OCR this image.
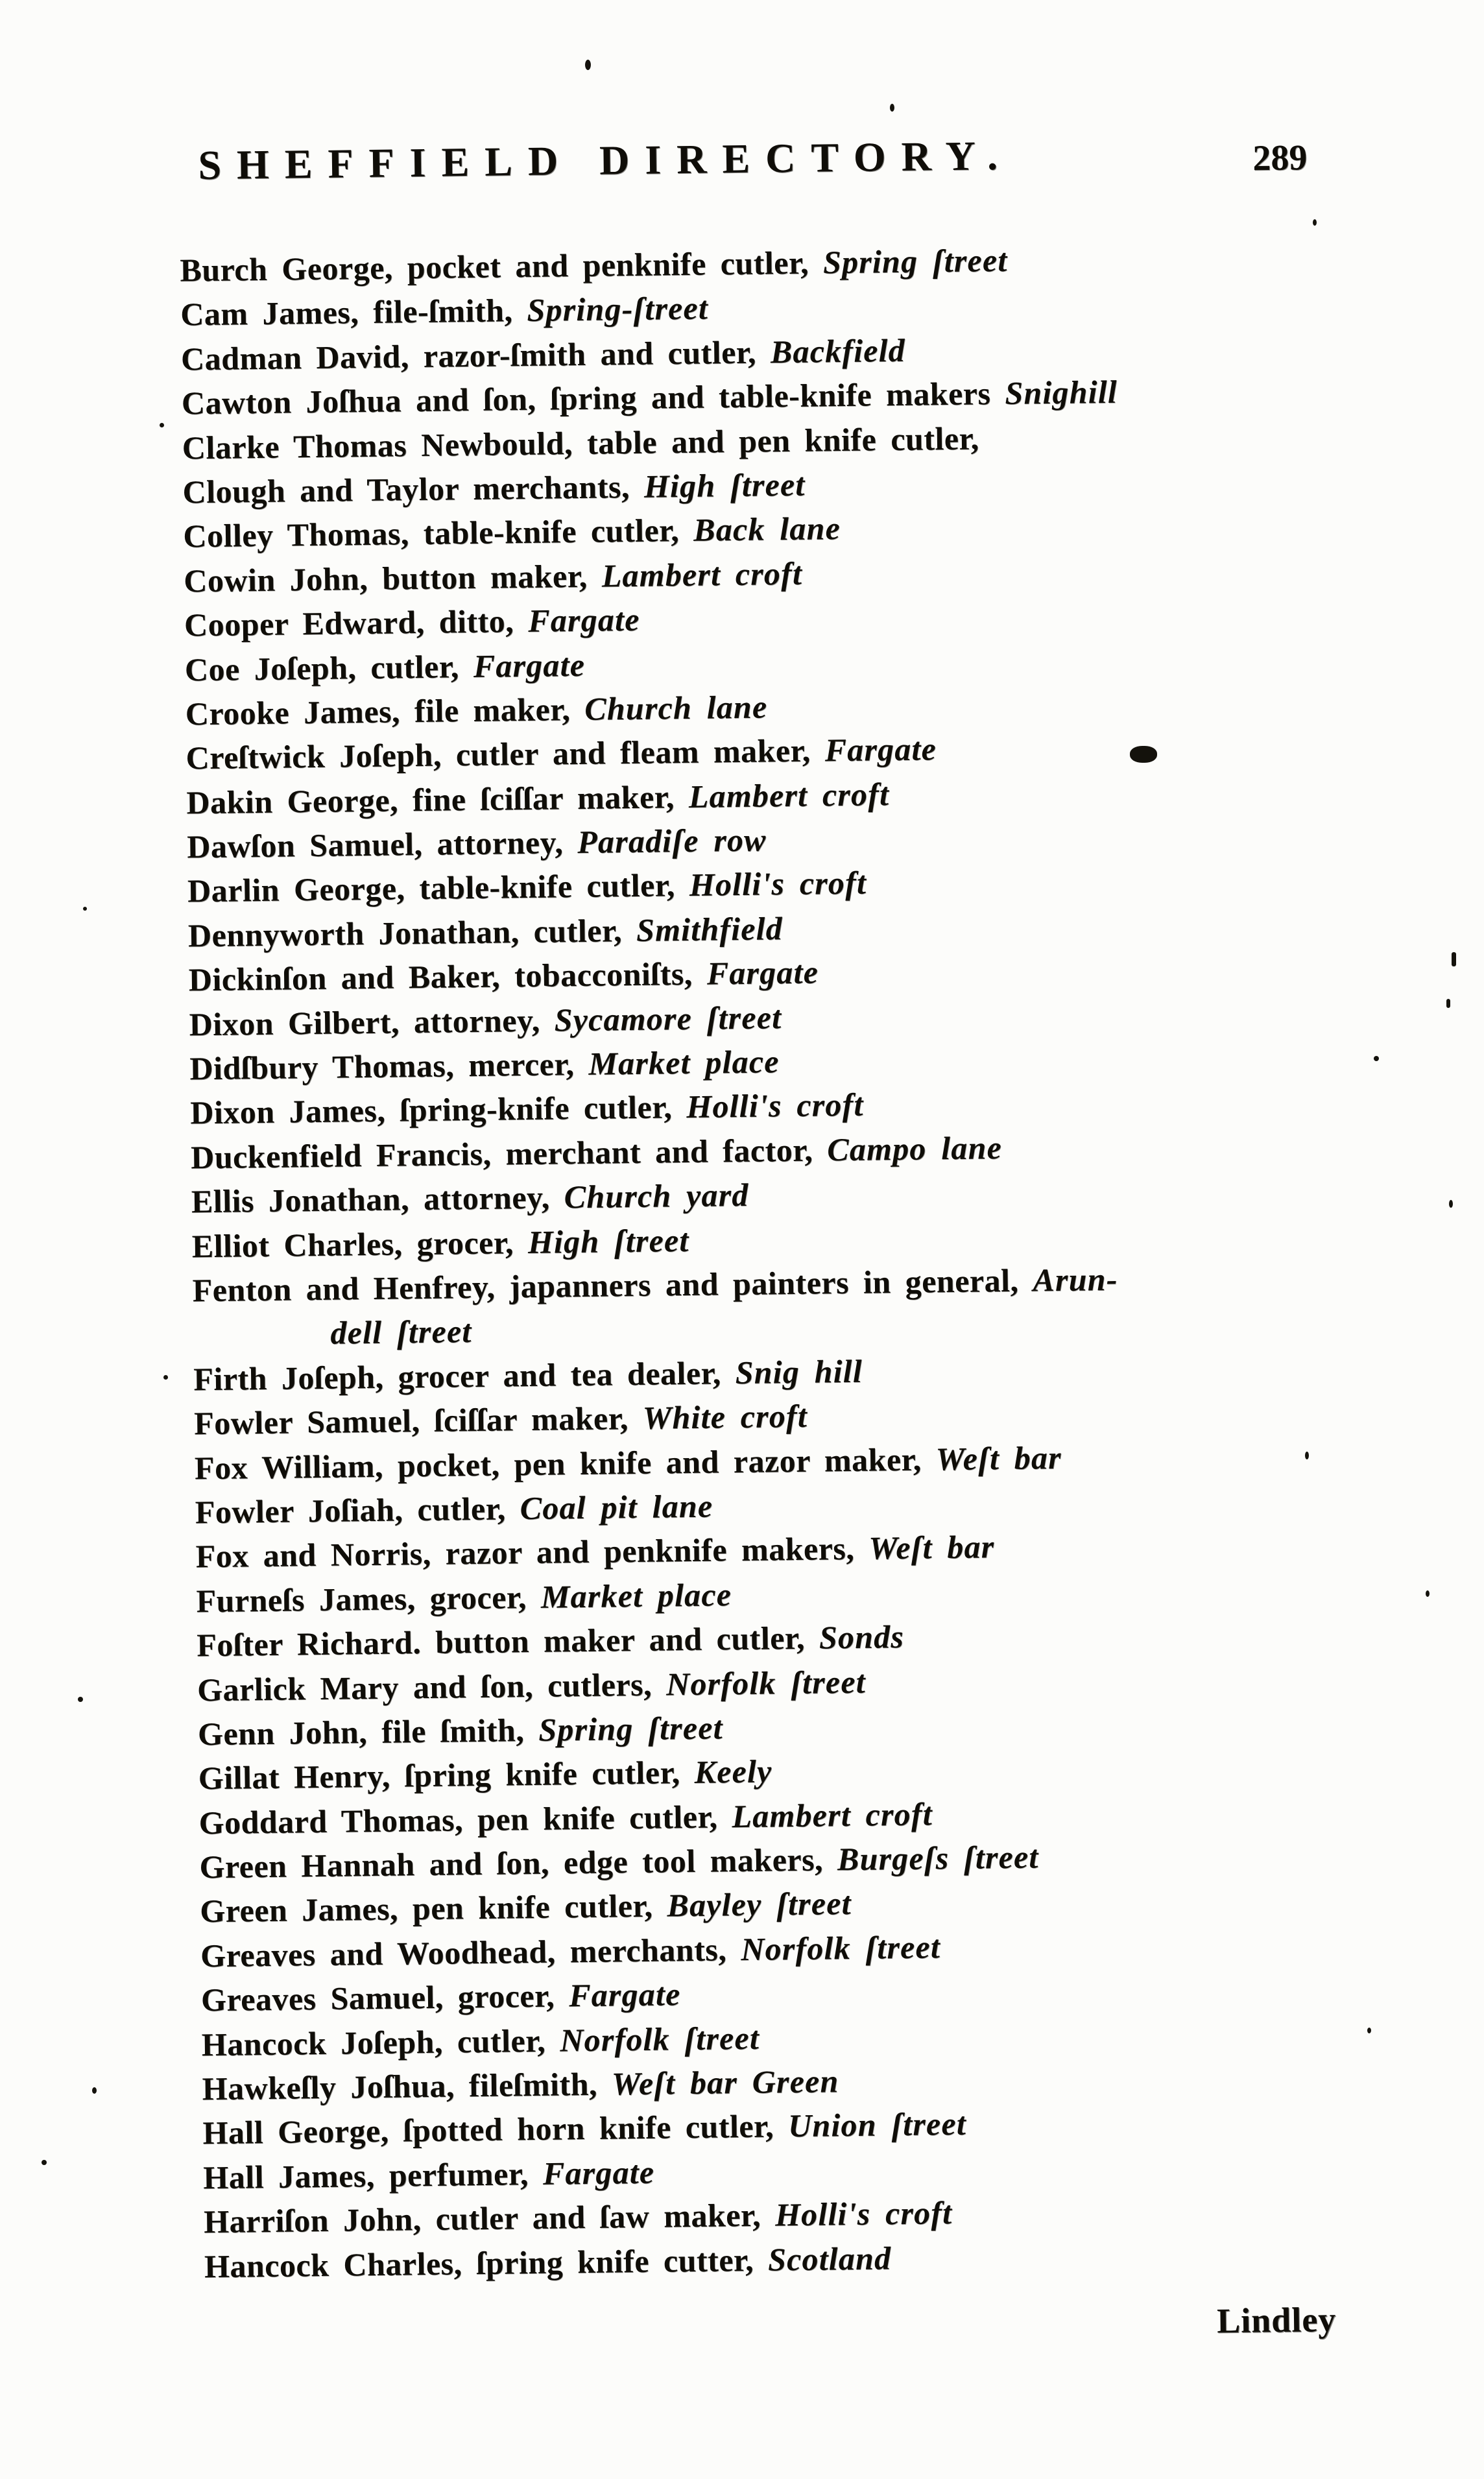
SHEFFIELD DIRECTORY.	289
Burch George, pocket and penknife cutler, Spring ſtreet
Cam James, file-ſmith, Spring-ſtreet
Cadman David, razor-ſmith and cutler, Backfield
Cawton Joſhua and ſon, ſpring and table-knife makers Snighill
Clarke Thomas Newbould, table and pen knife cutler,
Clough and Taylor merchants, High ſtreet
Colley Thomas, table-knife cutler, Back lane
Cowin John, button maker, Lambert croft
Cooper Edward, ditto, Fargate
Coe Joſeph, cutler, Fargate
Crooke James, file maker, Church lane
Creſtwick Joſeph, cutler and fleam maker, Fargate
Dakin George, fine ſciſſar maker, Lambert croft
Dawſon Samuel, attorney, Paradiſe row
Darlin George, table-knife cutler, Holli's croft
Dennyworth Jonathan, cutler, Smithfield
Dickinſon and Baker, tobacconiſts, Fargate
Dixon Gilbert, attorney, Sycamore ſtreet
Didſbury Thomas, mercer, Market place
Dixon James, ſpring-knife cutler, Holli's croft
Duckenfield Francis, merchant and factor, Campo lane
Ellis Jonathan, attorney, Church yard
Elliot Charles, grocer, High ſtreet
Fenton and Henfrey, japanners and painters in general, Arun-
dell ſtreet
Firth Joſeph, grocer and tea dealer, Snig hill
Fowler Samuel, ſciſſar maker, White croft
Fox William, pocket, pen knife and razor maker, Weſt bar
Fowler Joſiah, cutler, Coal pit lane
Fox and Norris, razor and penknife makers, Weſt bar
Furneſs James, grocer, Market place
Foſter Richard. button maker and cutler, Sonds
Garlick Mary and ſon, cutlers, Norfolk ſtreet
Genn John, file ſmith, Spring ſtreet
Gillat Henry, ſpring knife cutler, Keely
Goddard Thomas, pen knife cutler, Lambert croft
Green Hannah and ſon, edge tool makers, Burgeſs ſtreet
Green James, pen knife cutler, Bayley ſtreet
Greaves and Woodhead, merchants, Norfolk ſtreet
Greaves Samuel, grocer, Fargate
Hancock Joſeph, cutler, Norfolk ſtreet
Hawkeſly Joſhua, fileſmith, Weſt bar Green
Hall George, ſpotted horn knife cutler, Union ſtreet
Hall James, perfumer, Fargate
Harriſon John, cutler and ſaw maker, Holli's croft
Hancock Charles, ſpring knife cutter, Scotland
Lindley
